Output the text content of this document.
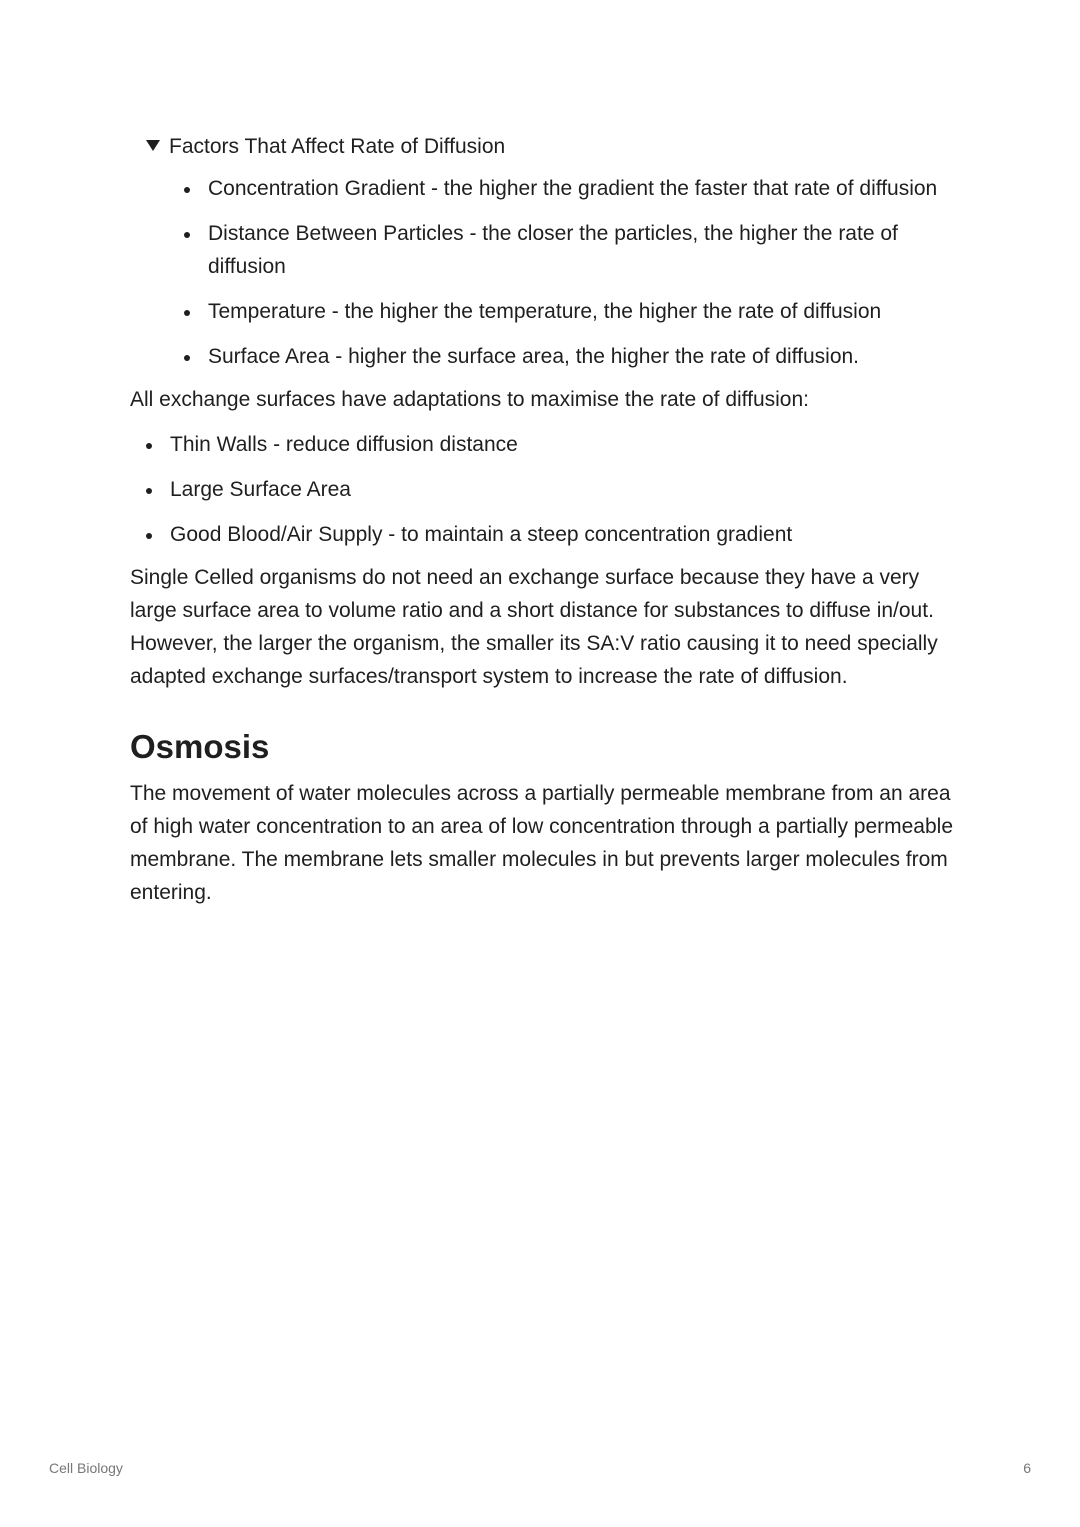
Factors That Affect Rate of Diffusion
Concentration Gradient - the higher the gradient the faster that rate of diffusion
Distance Between Particles - the closer the particles, the higher the rate of diffusion
Temperature - the higher the temperature, the higher the rate of diffusion
Surface Area - higher the surface area, the higher the rate of diffusion.

All exchange surfaces have adaptations to maximise the rate of diffusion:

Thin Walls - reduce diffusion distance
Large Surface Area
Good Blood/Air Supply - to maintain a steep concentration gradient

Single Celled organisms do not need an exchange surface because they have a very large surface area to volume ratio and a short distance for substances to diffuse in/out. However, the larger the organism, the smaller its SA:V ratio causing it to need specially adapted exchange surfaces/transport system to increase the rate of diffusion.

Osmosis

The movement of water molecules across a partially permeable membrane from an area of high water concentration to an area of low concentration through a partially permeable membrane. The membrane lets smaller molecules in but prevents larger molecules from entering.

Cell Biology	6
